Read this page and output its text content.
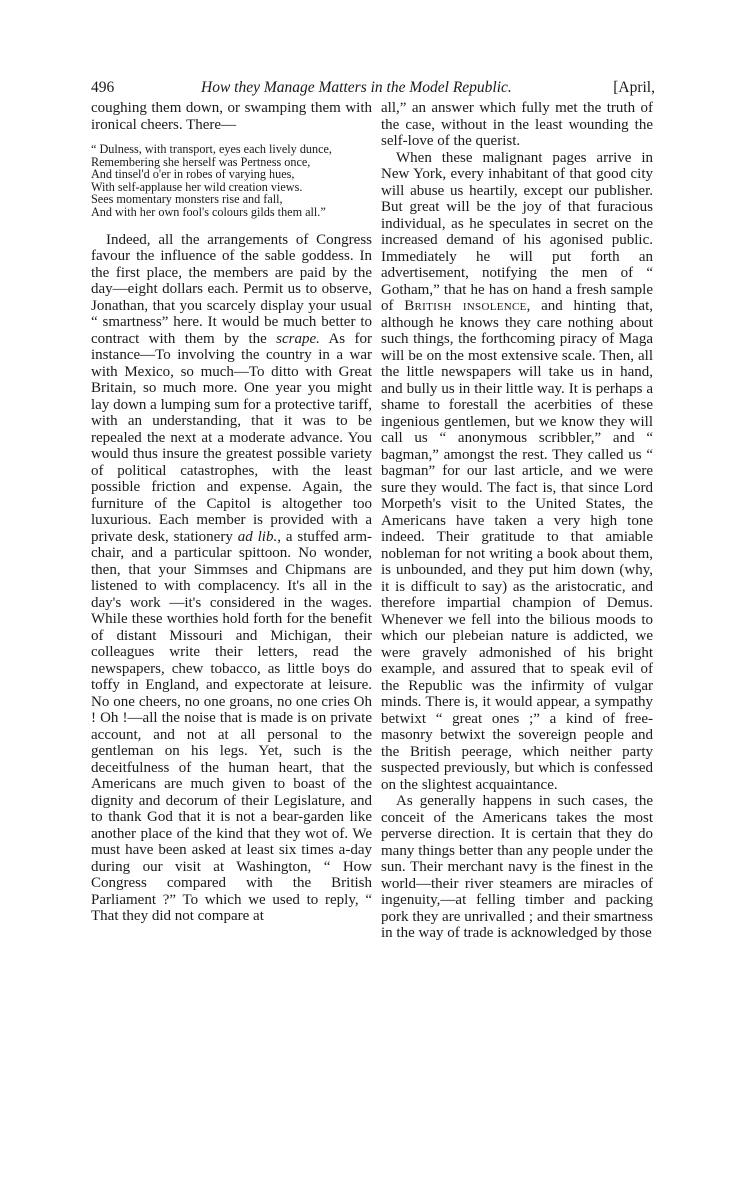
496	How they Manage Matters in the Model Republic.	[April,

coughing them down, or swamping them with ironical cheers. There—

“ Dulness, with transport, eyes each lively dunce,
Remembering she herself was Pertness once,
And tinsel'd o'er in robes of varying hues,
With self-applause her wild creation views.
Sees momentary monsters rise and fall,
And with her own fool's colours gilds them all.”

Indeed, all the arrangements of Congress favour the influence of the sable goddess. In the first place, the members are paid by the day—eight dollars each. Permit us to observe, Jonathan, that you scarcely display your usual “ smartness” here. It would be much better to contract with them by the scrape. As for instance—To involving the country in a war with Mexico, so much—To ditto with Great Britain, so much more. One year you might lay down a lumping sum for a protective tariff, with an understanding, that it was to be repealed the next at a moderate advance. You would thus insure the greatest possible variety of political catastrophes, with the least possible friction and expense. Again, the furniture of the Capitol is altogether too luxurious. Each member is provided with a private desk, stationery ad lib., a stuffed arm-chair, and a particular spittoon. No wonder, then, that your Simmses and Chipmans are listened to with complacency. It's all in the day's work —it's considered in the wages. While these worthies hold forth for the benefit of distant Missouri and Michigan, their colleagues write their letters, read the newspapers, chew tobacco, as little boys do toffy in England, and expectorate at leisure. No one cheers, no one groans, no one cries Oh ! Oh !—all the noise that is made is on private account, and not at all personal to the gentleman on his legs. Yet, such is the deceitfulness of the human heart, that the Americans are much given to boast of the dignity and decorum of their Legislature, and to thank God that it is not a bear-garden like another place of the kind that they wot of. We must have been asked at least six times a-day during our visit at Washington, “ How Congress compared with the British Parliament ?” To which we used to reply, “ That they did not compare at

all,” an answer which fully met the truth of the case, without in the least wounding the self-love of the querist.

When these malignant pages arrive in New York, every inhabitant of that good city will abuse us heartily, except our publisher. But great will be the joy of that furacious individual, as he speculates in secret on the increased demand of his agonised public. Immediately he will put forth an advertisement, notifying the men of “ Gotham,” that he has on hand a fresh sample of British insolence, and hinting that, although he knows they care nothing about such things, the forthcoming piracy of Maga will be on the most extensive scale. Then, all the little newspapers will take us in hand, and bully us in their little way. It is perhaps a shame to forestall the acerbities of these ingenious gentlemen, but we know they will call us “ anonymous scribbler,” and “ bagman,” amongst the rest. They called us “ bagman” for our last article, and we were sure they would. The fact is, that since Lord Morpeth's visit to the United States, the Americans have taken a very high tone indeed. Their gratitude to that amiable nobleman for not writing a book about them, is unbounded, and they put him down (why, it is difficult to say) as the aristocratic, and therefore impartial champion of Demus. Whenever we fell into the bilious moods to which our plebeian nature is addicted, we were gravely admonished of his bright example, and assured that to speak evil of the Republic was the infirmity of vulgar minds. There is, it would appear, a sympathy betwixt “ great ones ;” a kind of free-masonry betwixt the sovereign people and the British peerage, which neither party suspected previously, but which is confessed on the slightest acquaintance.

As generally happens in such cases, the conceit of the Americans takes the most perverse direction. It is certain that they do many things better than any people under the sun. Their merchant navy is the finest in the world—their river steamers are miracles of ingenuity,—at felling timber and packing pork they are unrivalled ; and their smartness in the way of trade is acknowledged by those
